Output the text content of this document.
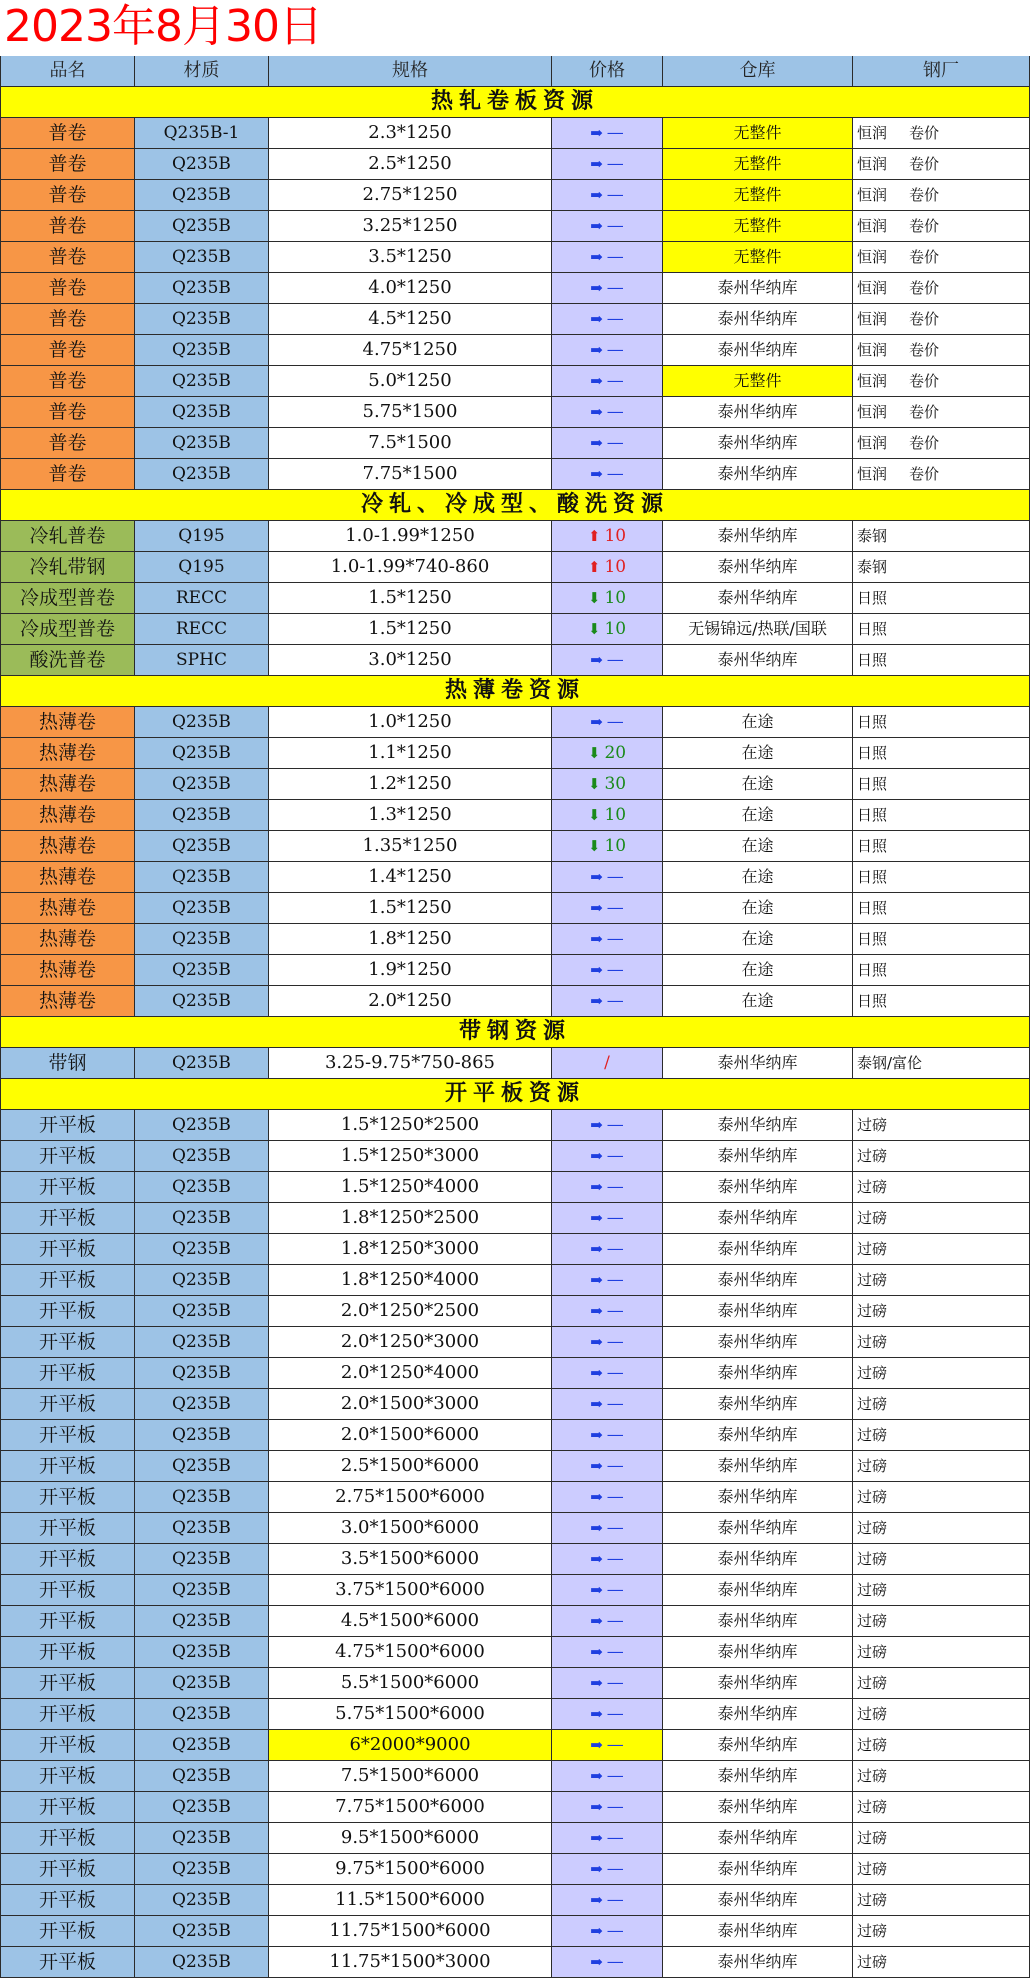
2023年8月30日
品名	材质	规格	价格	仓库	钢厂
热轧卷板资源
普卷	Q235B-1	2.3*1250	➡ —	无整件	恒润 卷价
普卷	Q235B	2.5*1250	➡ —	无整件	恒润 卷价
普卷	Q235B	2.75*1250	➡ —	无整件	恒润 卷价
普卷	Q235B	3.25*1250	➡ —	无整件	恒润 卷价
普卷	Q235B	3.5*1250	➡ —	无整件	恒润 卷价
普卷	Q235B	4.0*1250	➡ —	泰州华纳库	恒润 卷价
普卷	Q235B	4.5*1250	➡ —	泰州华纳库	恒润 卷价
普卷	Q235B	4.75*1250	➡ —	泰州华纳库	恒润 卷价
普卷	Q235B	5.0*1250	➡ —	无整件	恒润 卷价
普卷	Q235B	5.75*1500	➡ —	泰州华纳库	恒润 卷价
普卷	Q235B	7.5*1500	➡ —	泰州华纳库	恒润 卷价
普卷	Q235B	7.75*1500	➡ —	泰州华纳库	恒润 卷价
冷轧、冷成型、酸洗资源
冷轧普卷	Q195	1.0-1.99*1250	⬆ 10	泰州华纳库	泰钢
冷轧带钢	Q195	1.0-1.99*740-860	⬆ 10	泰州华纳库	泰钢
冷成型普卷	RECC	1.5*1250	⬇ 10	泰州华纳库	日照
冷成型普卷	RECC	1.5*1250	⬇ 10	无锡锦远/热联/国联	日照
酸洗普卷	SPHC	3.0*1250	➡ —	泰州华纳库	日照
热薄卷资源
热薄卷	Q235B	1.0*1250	➡ —	在途	日照
热薄卷	Q235B	1.1*1250	⬇ 20	在途	日照
热薄卷	Q235B	1.2*1250	⬇ 30	在途	日照
热薄卷	Q235B	1.3*1250	⬇ 10	在途	日照
热薄卷	Q235B	1.35*1250	⬇ 10	在途	日照
热薄卷	Q235B	1.4*1250	➡ —	在途	日照
热薄卷	Q235B	1.5*1250	➡ —	在途	日照
热薄卷	Q235B	1.8*1250	➡ —	在途	日照
热薄卷	Q235B	1.9*1250	➡ —	在途	日照
热薄卷	Q235B	2.0*1250	➡ —	在途	日照
带钢资源
带钢	Q235B	3.25-9.75*750-865	/	泰州华纳库	泰钢/富伦
开平板资源
开平板	Q235B	1.5*1250*2500	➡ —	泰州华纳库	过磅
开平板	Q235B	1.5*1250*3000	➡ —	泰州华纳库	过磅
开平板	Q235B	1.5*1250*4000	➡ —	泰州华纳库	过磅
开平板	Q235B	1.8*1250*2500	➡ —	泰州华纳库	过磅
开平板	Q235B	1.8*1250*3000	➡ —	泰州华纳库	过磅
开平板	Q235B	1.8*1250*4000	➡ —	泰州华纳库	过磅
开平板	Q235B	2.0*1250*2500	➡ —	泰州华纳库	过磅
开平板	Q235B	2.0*1250*3000	➡ —	泰州华纳库	过磅
开平板	Q235B	2.0*1250*4000	➡ —	泰州华纳库	过磅
开平板	Q235B	2.0*1500*3000	➡ —	泰州华纳库	过磅
开平板	Q235B	2.0*1500*6000	➡ —	泰州华纳库	过磅
开平板	Q235B	2.5*1500*6000	➡ —	泰州华纳库	过磅
开平板	Q235B	2.75*1500*6000	➡ —	泰州华纳库	过磅
开平板	Q235B	3.0*1500*6000	➡ —	泰州华纳库	过磅
开平板	Q235B	3.5*1500*6000	➡ —	泰州华纳库	过磅
开平板	Q235B	3.75*1500*6000	➡ —	泰州华纳库	过磅
开平板	Q235B	4.5*1500*6000	➡ —	泰州华纳库	过磅
开平板	Q235B	4.75*1500*6000	➡ —	泰州华纳库	过磅
开平板	Q235B	5.5*1500*6000	➡ —	泰州华纳库	过磅
开平板	Q235B	5.75*1500*6000	➡ —	泰州华纳库	过磅
开平板	Q235B	6*2000*9000	➡ —	泰州华纳库	过磅
开平板	Q235B	7.5*1500*6000	➡ —	泰州华纳库	过磅
开平板	Q235B	7.75*1500*6000	➡ —	泰州华纳库	过磅
开平板	Q235B	9.5*1500*6000	➡ —	泰州华纳库	过磅
开平板	Q235B	9.75*1500*6000	➡ —	泰州华纳库	过磅
开平板	Q235B	11.5*1500*6000	➡ —	泰州华纳库	过磅
开平板	Q235B	11.75*1500*6000	➡ —	泰州华纳库	过磅
开平板	Q235B	11.75*1500*3000	➡ —	泰州华纳库	过磅
